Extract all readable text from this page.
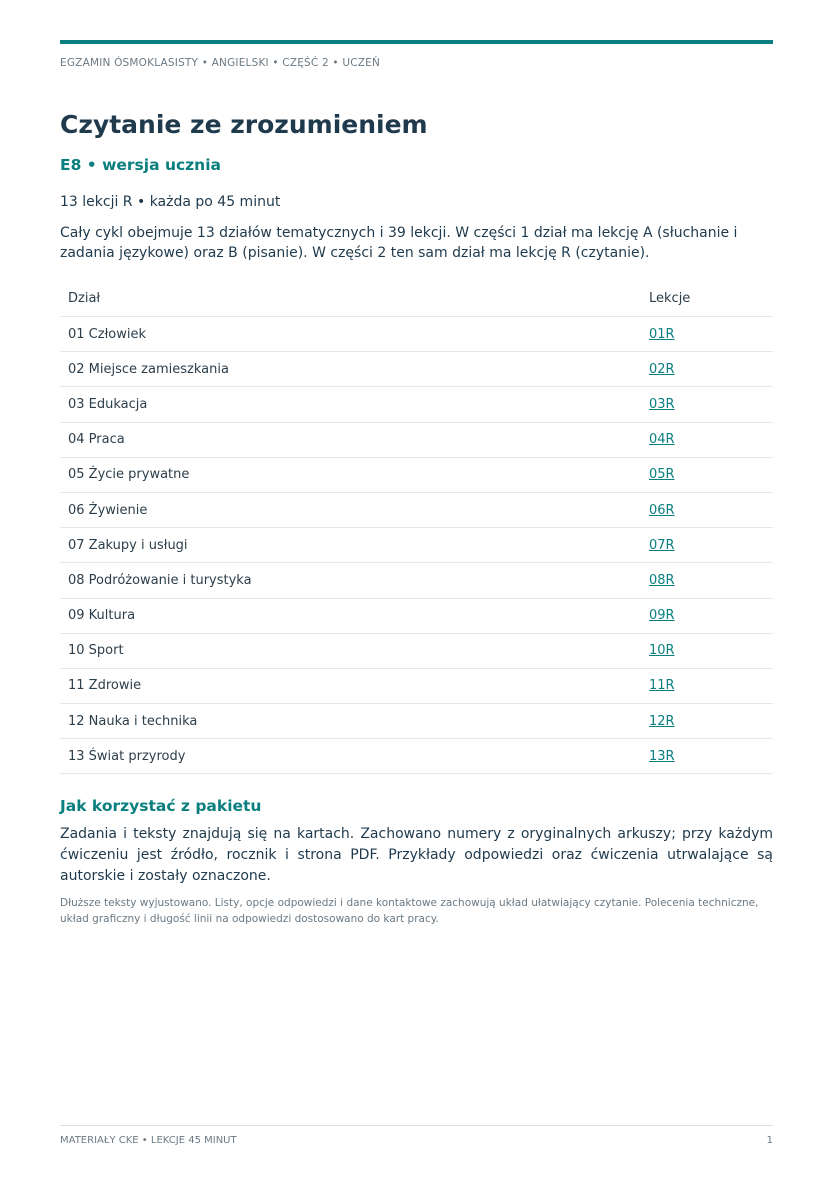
EGZAMIN ÓSMOKLASISTY • ANGIELSKI • CZĘŚĆ 2 • UCZEŃ
Czytanie ze zrozumieniem
E8 • wersja ucznia
13 lekcji R • każda po 45 minut
Cały cykl obejmuje 13 działów tematycznych i 39 lekcji. W części 1 dział ma lekcję A (słuchanie i zadania językowe) oraz B (pisanie). W części 2 ten sam dział ma lekcję R (czytanie).
Dział	Lekcje
01 Człowiek	01R
02 Miejsce zamieszkania	02R
03 Edukacja	03R
04 Praca	04R
05 Życie prywatne	05R
06 Żywienie	06R
07 Zakupy i usługi	07R
08 Podróżowanie i turystyka	08R
09 Kultura	09R
10 Sport	10R
11 Zdrowie	11R
12 Nauka i technika	12R
13 Świat przyrody	13R
Jak korzystać z pakietu
Zadania i teksty znajdują się na kartach. Zachowano numery z oryginalnych arkuszy; przy każdym ćwiczeniu jest źródło, rocznik i strona PDF. Przykłady odpowiedzi oraz ćwiczenia utrwalające są autorskie i zostały oznaczone.
Dłuższe teksty wyjustowano. Listy, opcje odpowiedzi i dane kontaktowe zachowują układ ułatwiający czytanie. Polecenia techniczne, układ graficzny i długość linii na odpowiedzi dostosowano do kart pracy.
MATERIAŁY CKE • LEKCJE 45 MINUT	1
